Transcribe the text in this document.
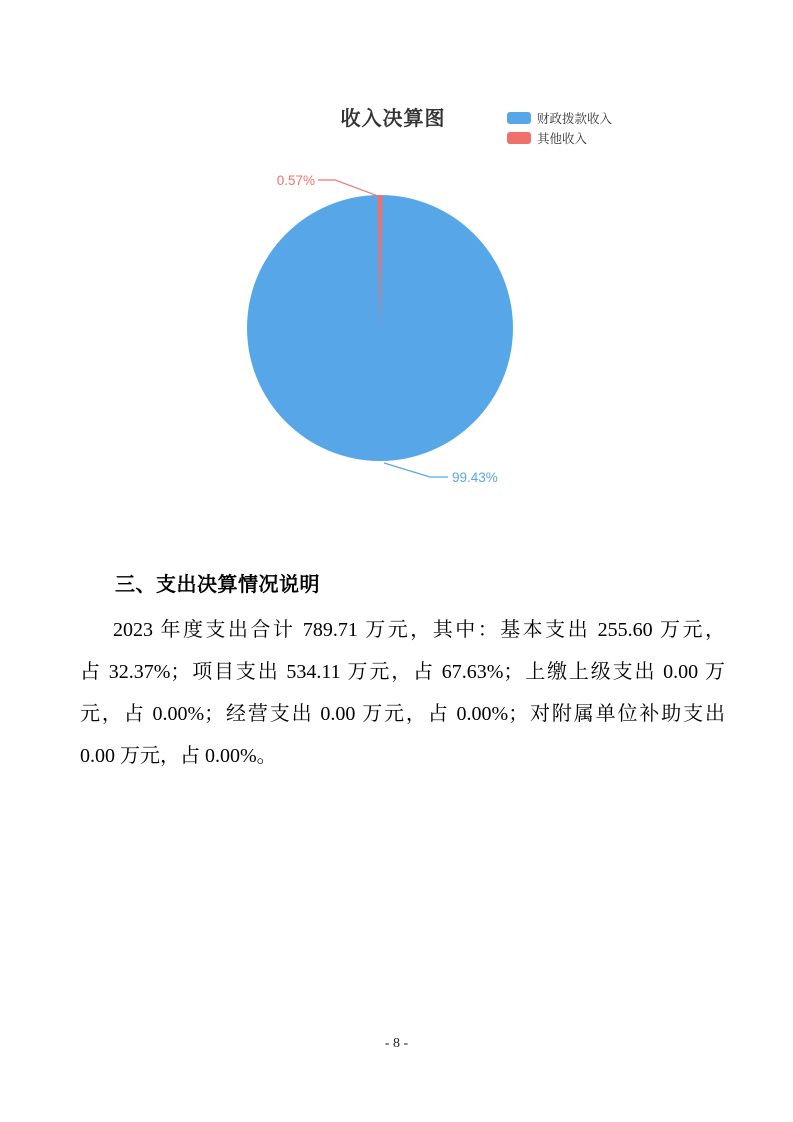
收入决算图	财政拨款收入
其他收入
0.57%
99.43%
三、支出决算情况说明
2023 年度支出合计 789.71 万元，其中：基本支出 255.60 万元，
占 32.37%；项目支出 534.11 万元，占 67.63%；上缴上级支出 0.00 万
元，占 0.00%；经营支出 0.00 万元，占 0.00%；对附属单位补助支出
0.00 万元，占 0.00%。
- 8 -
